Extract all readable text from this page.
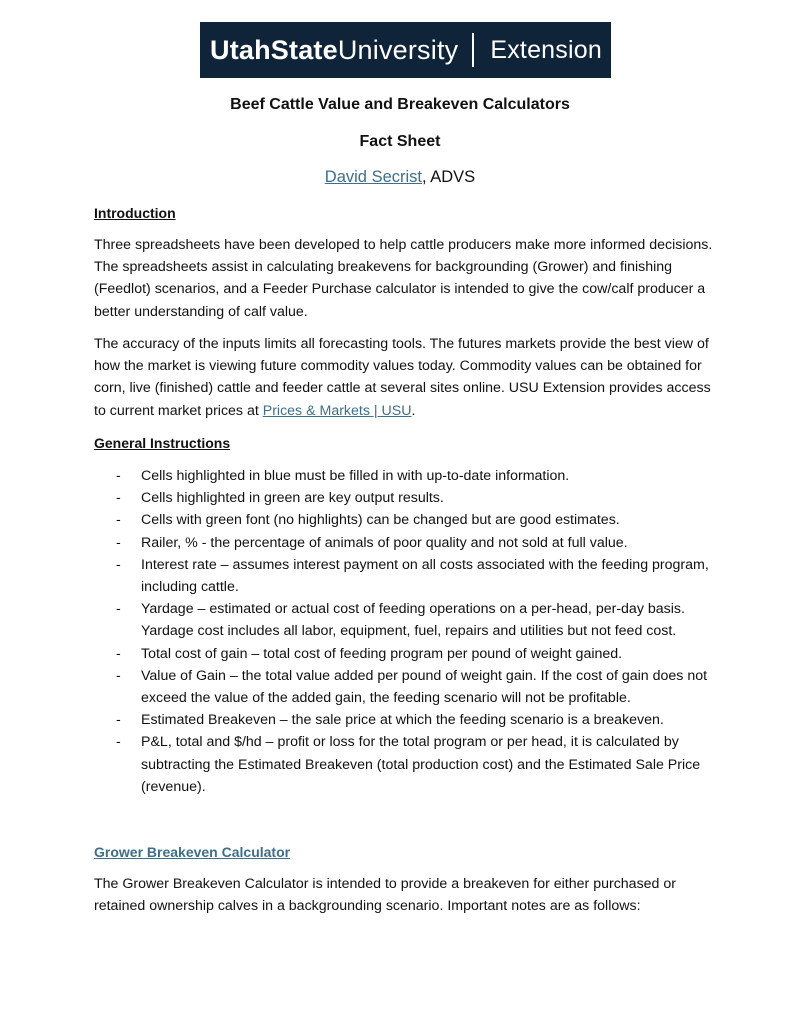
UtahState University Extension
Beef Cattle Value and Breakeven Calculators
Fact Sheet
David Secrist, ADVS
Introduction
Three spreadsheets have been developed to help cattle producers make more informed decisions. The spreadsheets assist in calculating breakevens for backgrounding (Grower) and finishing (Feedlot) scenarios, and a Feeder Purchase calculator is intended to give the cow/calf producer a better understanding of calf value.
The accuracy of the inputs limits all forecasting tools. The futures markets provide the best view of how the market is viewing future commodity values today. Commodity values can be obtained for corn, live (finished) cattle and feeder cattle at several sites online. USU Extension provides access to current market prices at Prices & Markets | USU.
General Instructions
- Cells highlighted in blue must be filled in with up-to-date information.
- Cells highlighted in green are key output results.
- Cells with green font (no highlights) can be changed but are good estimates.
- Railer, % - the percentage of animals of poor quality and not sold at full value.
- Interest rate – assumes interest payment on all costs associated with the feeding program, including cattle.
- Yardage – estimated or actual cost of feeding operations on a per-head, per-day basis. Yardage cost includes all labor, equipment, fuel, repairs and utilities but not feed cost.
- Total cost of gain – total cost of feeding program per pound of weight gained.
- Value of Gain – the total value added per pound of weight gain. If the cost of gain does not exceed the value of the added gain, the feeding scenario will not be profitable.
- Estimated Breakeven – the sale price at which the feeding scenario is a breakeven.
- P&L, total and $/hd – profit or loss for the total program or per head, it is calculated by subtracting the Estimated Breakeven (total production cost) and the Estimated Sale Price (revenue).
Grower Breakeven Calculator
The Grower Breakeven Calculator is intended to provide a breakeven for either purchased or retained ownership calves in a backgrounding scenario. Important notes are as follows:
